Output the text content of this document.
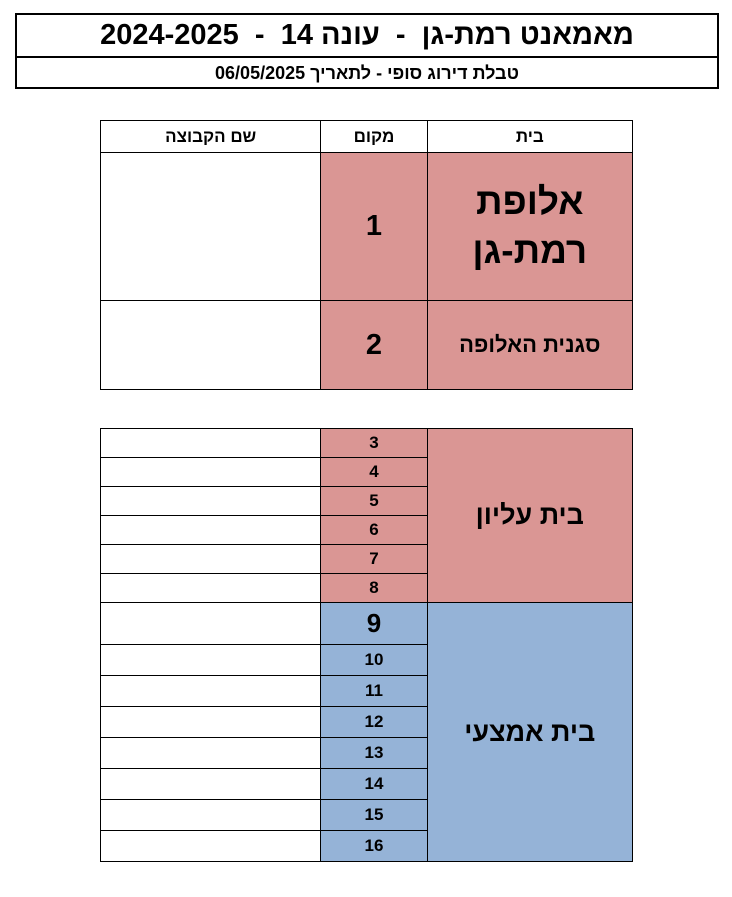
מאמאנט רמת-גן  -  עונה 14  -  2024-2025
טבלת דירוג סופי - לתאריך 06/05/2025
שם הקבוצה	מקום	בית
	1	אלופת
רמת-גן

	2	סגנית האלופה
	3	בית עליון
	4	
	5	
	6	
	7	
	8	
	9	בית אמצעי
	10	
	11	
	12	
	13	
	14	
	15	
	16	
